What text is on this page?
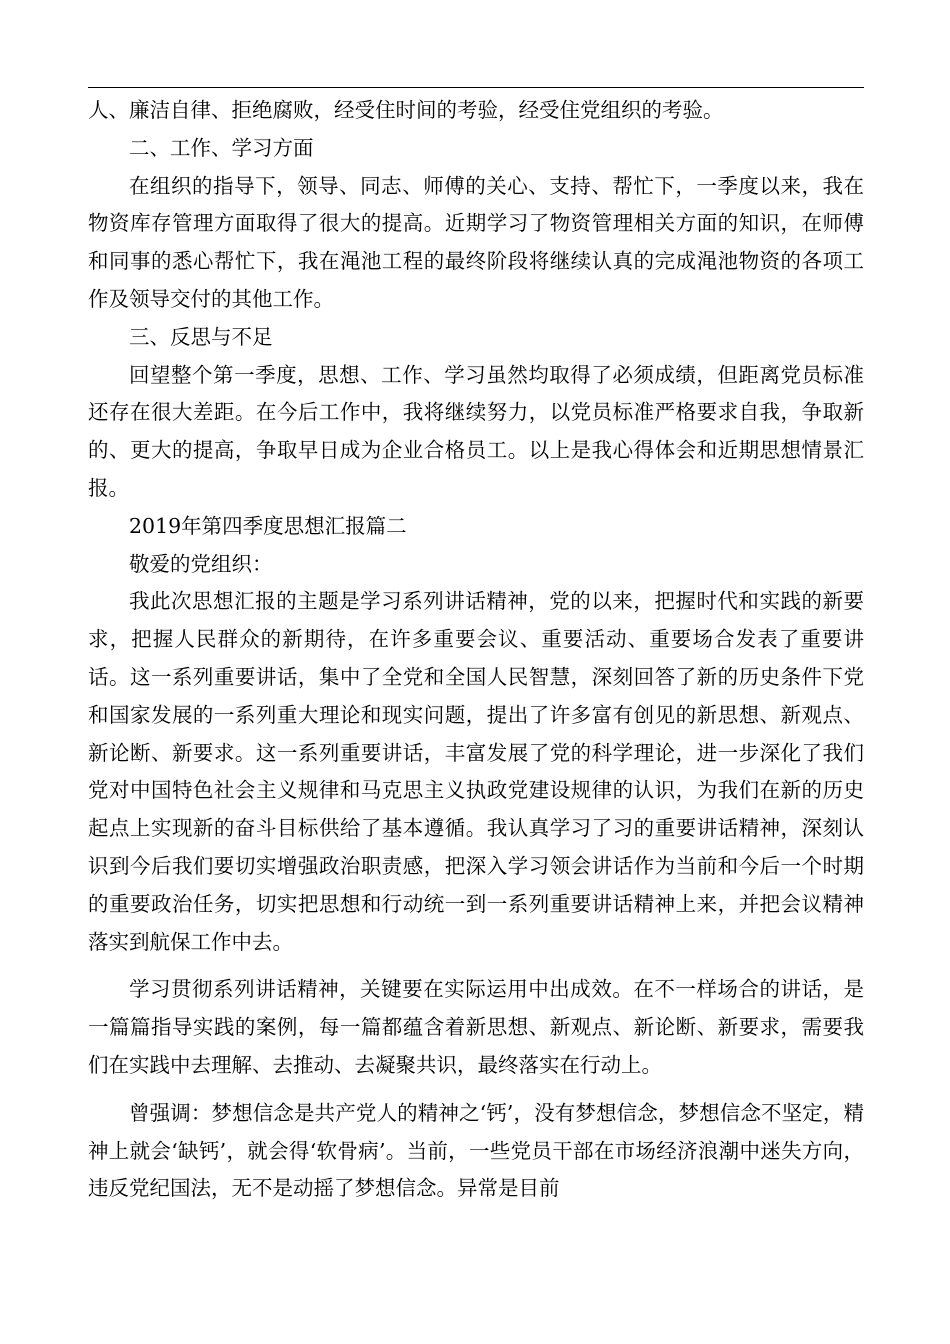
人、廉洁自律、拒绝腐败，经受住时间的考验，经受住党组织的考验。

二、工作、学习方面

在组织的指导下，领导、同志、师傅的关心、支持、帮忙下，一季度以来，我在物资库存管理方面取得了很大的提高。近期学习了物资管理相关方面的知识，在师傅和同事的悉心帮忙下，我在渑池工程的最终阶段将继续认真的完成渑池物资的各项工作及领导交付的其他工作。

三、反思与不足

回望整个第一季度，思想、工作、学习虽然均取得了必须成绩，但距离党员标准还存在很大差距。在今后工作中，我将继续努力，以党员标准严格要求自我，争取新的、更大的提高，争取早日成为企业合格员工。以上是我心得体会和近期思想情景汇报。

2019年第四季度思想汇报篇二

敬爱的党组织：

我此次思想汇报的主题是学习系列讲话精神，党的以来，把握时代和实践的新要求，把握人民群众的新期待，在许多重要会议、重要活动、重要场合发表了重要讲话。这一系列重要讲话，集中了全党和全国人民智慧，深刻回答了新的历史条件下党和国家发展的一系列重大理论和现实问题，提出了许多富有创见的新思想、新观点、新论断、新要求。这一系列重要讲话，丰富发展了党的科学理论，进一步深化了我们党对中国特色社会主义规律和马克思主义执政党建设规律的认识，为我们在新的历史起点上实现新的奋斗目标供给了基本遵循。我认真学习了习的重要讲话精神，深刻认识到今后我们要切实增强政治职责感，把深入学习领会讲话作为当前和今后一个时期的重要政治任务，切实把思想和行动统一到一系列重要讲话精神上来，并把会议精神落实到航保工作中去。

学习贯彻系列讲话精神，关键要在实际运用中出成效。在不一样场合的讲话，是一篇篇指导实践的案例，每一篇都蕴含着新思想、新观点、新论断、新要求，需要我们在实践中去理解、去推动、去凝聚共识，最终落实在行动上。

曾强调：梦想信念是共产党人的精神之‘钙’，没有梦想信念，梦想信念不坚定，精神上就会‘缺钙’，就会得‘软骨病’。当前，一些党员干部在市场经济浪潮中迷失方向，违反党纪国法，无不是动摇了梦想信念。异常是目前
